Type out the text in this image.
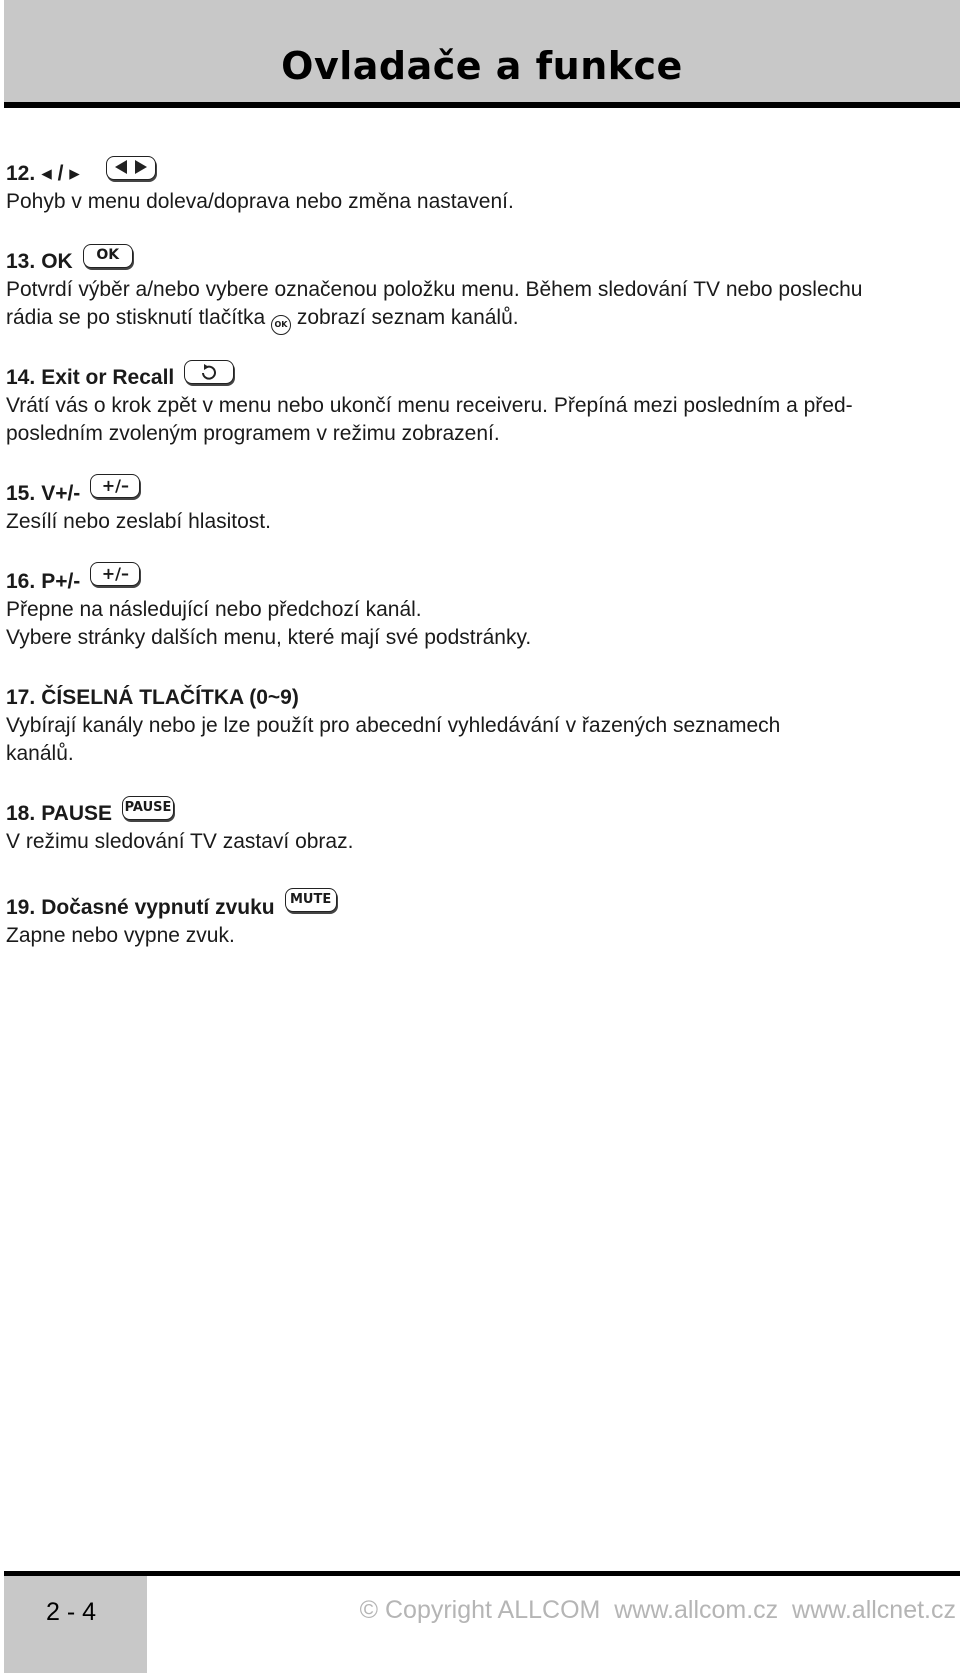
Ovladače a funkce
12. ◂ / ▸
Pohyb v menu doleva/doprava nebo změna nastavení.
13. OK	OK
Potvrdí výběr a/nebo vybere označenou položku menu. Během sledování TV nebo poslechu
rádia se po stisknutí tlačítka OK zobrazí seznam kanálů.
14. Exit or Recall
Vrátí vás o krok zpět v menu nebo ukončí menu receiveru. Přepíná mezi posledním a před-
posledním zvoleným programem v režimu zobrazení.
15. V+/-	+/–
Zesílí nebo zeslabí hlasitost.
16. P+/-	+/–
Přepne na následující nebo předchozí kanál.
Vybere stránky dalších menu, které mají své podstránky.
17. ČÍSELNÁ TLAČÍTKA (0~9)
Vybírají kanály nebo je lze použít pro abecední vyhledávání v řazených seznamech
kanálů.
18. PAUSE PAUSE
V režimu sledování TV zastaví obraz.
19. Dočasné vypnutí zvuku	MUTE
Zapne nebo vypne zvuk.
2 - 4	© Copyright ALLCOM  www.allcom.cz  www.allcnet.cz
